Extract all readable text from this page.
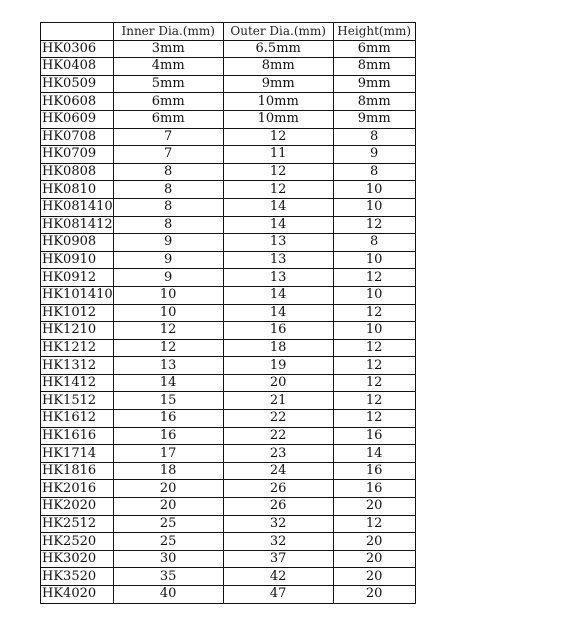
	Inner Dia.(mm)	Outer Dia.(mm)	Height(mm)
HK0306	3mm	6.5mm	6mm
HK0408	4mm	8mm	8mm
HK0509	5mm	9mm	9mm
HK0608	6mm	10mm	8mm
HK0609	6mm	10mm	9mm
HK0708	7	12	8
HK0709	7	11	9
HK0808	8	12	8
HK0810	8	12	10
HK081410	8	14	10
HK081412	8	14	12
HK0908	9	13	8
HK0910	9	13	10
HK0912	9	13	12
HK101410	10	14	10
HK1012	10	14	12
HK1210	12	16	10
HK1212	12	18	12
HK1312	13	19	12
HK1412	14	20	12
HK1512	15	21	12
HK1612	16	22	12
HK1616	16	22	16
HK1714	17	23	14
HK1816	18	24	16
HK2016	20	26	16
HK2020	20	26	20
HK2512	25	32	12
HK2520	25	32	20
HK3020	30	37	20
HK3520	35	42	20
HK4020	40	47	20
